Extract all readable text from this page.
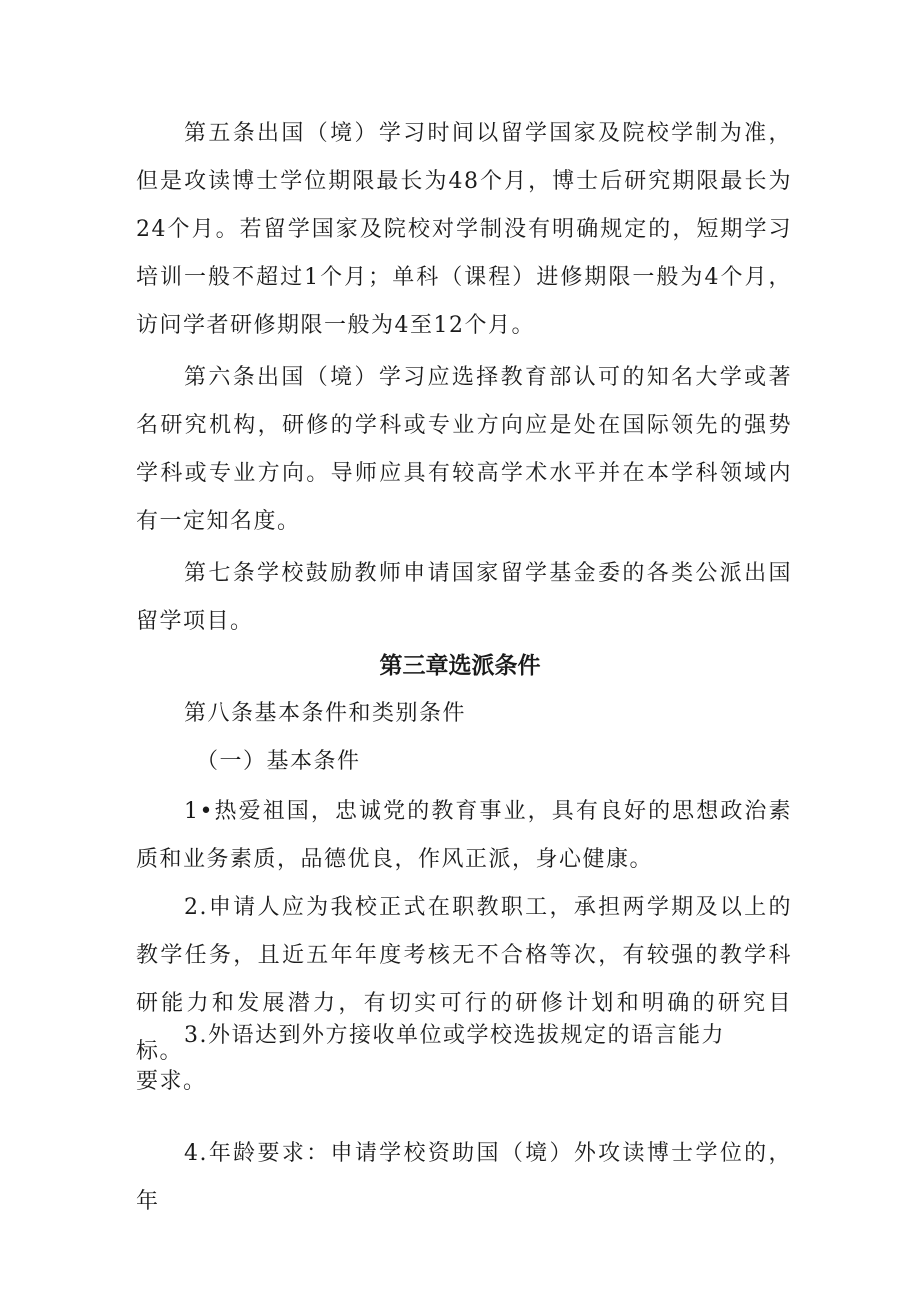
第五条出国（境）学习时间以留学国家及院校学制为准，但是攻读博士学位期限最长为48个月，博士后研究期限最长为24个月。若留学国家及院校对学制没有明确规定的，短期学习培训一般不超过1个月；单科（课程）进修期限一般为4个月，访问学者研修期限一般为4至12个月。

第六条出国（境）学习应选择教育部认可的知名大学或著名研究机构，研修的学科或专业方向应是处在国际领先的强势学科或专业方向。导师应具有较高学术水平并在本学科领域内有一定知名度。

第七条学校鼓励教师申请国家留学基金委的各类公派出国留学项目。

第三章选派条件

第八条基本条件和类别条件

（一）基本条件

1•热爱祖国，忠诚党的教育事业，具有良好的思想政治素质和业务素质，品德优良，作风正派，身心健康。

2.申请人应为我校正式在职教职工，承担两学期及以上的教学任务，且近五年年度考核无不合格等次，有较强的教学科研能力和发展潜力，有切实可行的研修计划和明确的研究目标。

3.外语达到外方接收单位或学校选拔规定的语言能力

要求。

4.年龄要求：申请学校资助国（境）外攻读博士学位的，年
